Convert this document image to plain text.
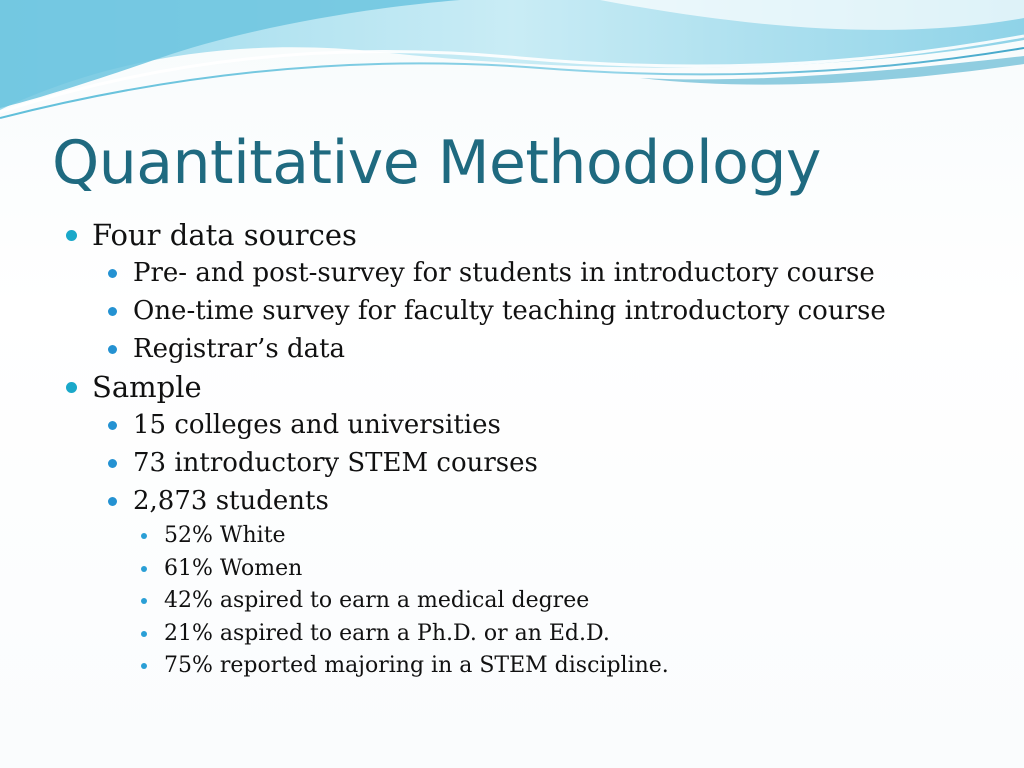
Quantitative Methodology
Four data sources
Pre- and post-survey for students in introductory course
One-time survey for faculty teaching introductory course
Registrar’s data
Sample
15 colleges and universities
73 introductory STEM courses
2,873 students
52% White
61% Women
42% aspired to earn a medical degree
21% aspired to earn a Ph.D. or an Ed.D.
75% reported majoring in a STEM discipline.
